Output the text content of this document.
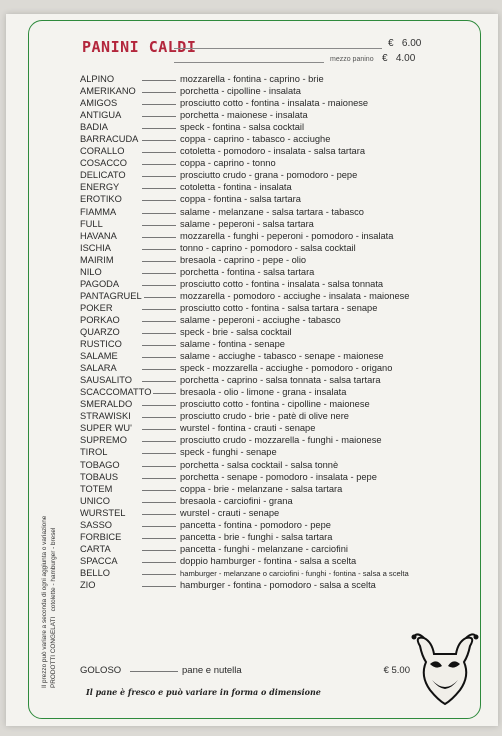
PANINI CALDI	€ 6.00
mezzo panino € 4.00
ALPINO	mozzarella - fontina - caprino - brie
AMERIKANO	porchetta - cipolline - insalata
AMIGOS	prosciutto cotto - fontina - insalata - maionese
ANTIGUA	porchetta - maionese - insalata
BADIA	speck - fontina - salsa cocktail
BARRACUDA	coppa - caprino - tabasco - acciughe
CORALLO	cotoletta - pomodoro - insalata - salsa tartara
COSACCO	coppa - caprino - tonno
DELICATO	prosciutto crudo - grana - pomodoro - pepe
ENERGY	cotoletta - fontina - insalata
EROTIKO	coppa - fontina - salsa tartara
FIAMMA	salame - melanzane - salsa tartara - tabasco
FULL	salame - peperoni - salsa tartara
HAVANA	mozzarella - funghi - peperoni - pomodoro - insalata
ISCHIA	tonno - caprino - pomodoro - salsa cocktail
MAIRIM	bresaola - caprino - pepe - olio
NILO	porchetta - fontina - salsa tartara
PAGODA	prosciutto cotto - fontina - insalata - salsa tonnata
PANTAGRUEL	mozzarella - pomodoro - acciughe - insalata - maionese
POKER	prosciutto cotto - fontina - salsa tartara - senape
PORKAO	salame - peperoni - acciughe - tabasco
QUARZO	speck - brie - salsa cocktail
RUSTICO	salame - fontina - senape
SALAME	salame - acciughe - tabasco - senape - maionese
SALARA	speck - mozzarella - acciughe - pomodoro - origano
SAUSALITO	porchetta - caprino - salsa tonnata - salsa tartara
SCACCOMATTO	bresaola - olio - limone - grana - insalata
SMERALDO	prosciutto cotto - fontina - cipolline - maionese
STRAWISKI	prosciutto crudo - brie - patè di olive nere
SUPER WU'	wurstel - fontina - crauti - senape
SUPREMO	prosciutto crudo - mozzarella - funghi - maionese
TIROL	speck - funghi - senape
TOBAGO	porchetta - salsa cocktail - salsa tonnè
TOBAUS	porchetta - senape - pomodoro - insalata - pepe
TOTEM	coppa - brie - melanzane - salsa tartara
UNICO	bresaola - carciofini - grana
WURSTEL	wurstel - crauti - senape
SASSO	pancetta - fontina - pomodoro - pepe
FORBICE	pancetta - brie - funghi - salsa tartara
CARTA	pancetta - funghi - melanzane - carciofini
SPACCA	doppio hamburger - fontina - salsa a scelta
BELLO	hamburger - melanzane o carciofini - funghi - fontina - salsa a scelta
ZIO	hamburger - fontina - pomodoro - salsa a scelta
GOLOSO	pane e nutella	€ 5.00
Il pane è fresco e può variare in forma o dimensione
Il prezzo può variare a seconda di ogni aggiunta o variazione PRODOTTI CONGELATI   cotolette - hamburger - bresel
